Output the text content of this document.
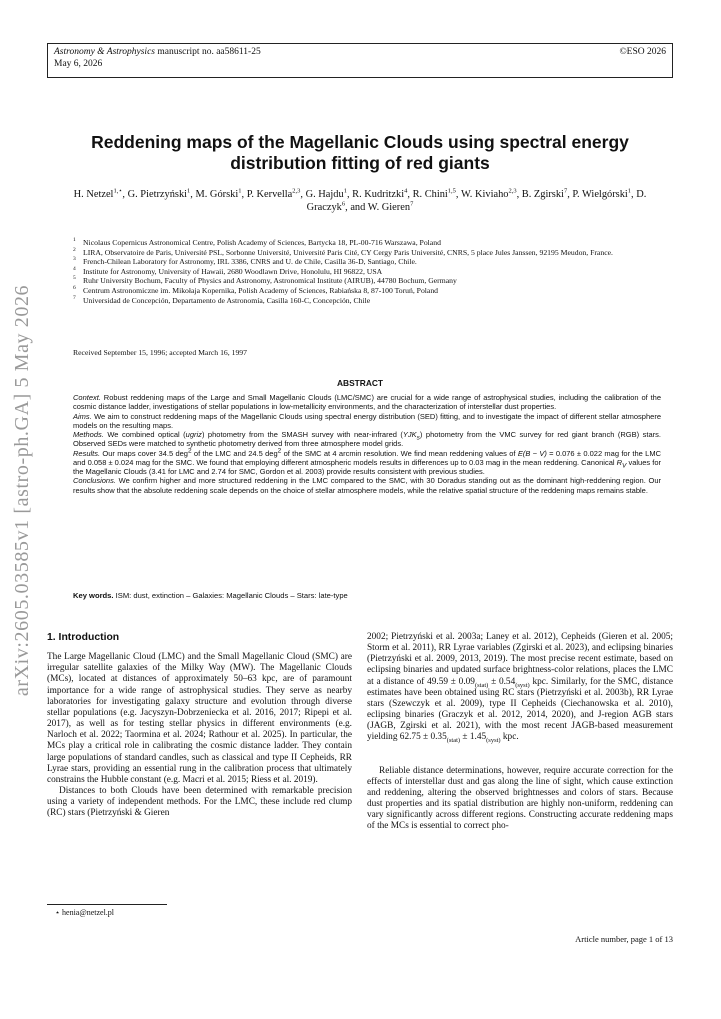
Astronomy & Astrophysics manuscript no. aa58611-25
May 6, 2026
©ESO 2026
arXiv:2605.03585v1 [astro-ph.GA] 5 May 2026
Reddening maps of the Magellanic Clouds using spectral energy distribution fitting of red giants
H. Netzel$^{1,⋆}$, G. Pietrzyński$^1$, M. Górski$^1$, P. Kervella$^{2,3}$, G. Hajdu$^1$, R. Kudritzki$^4$, R. Chini$^{1,5}$, W. Kiviaho$^{2,3}$, B. Zgirski$^7$, P. Wielgórski$^1$, D. Graczyk$^6$, and W. Gieren$^7$
1 Nicolaus Copernicus Astronomical Centre, Polish Academy of Sciences, Bartycka 18, PL-00-716 Warszawa, Poland
2 LIRA, Observatoire de Paris, Université PSL, Sorbonne Université, Université Paris Cité, CY Cergy Paris Université, CNRS, 5 place Jules Janssen, 92195 Meudon, France.
3 French-Chilean Laboratory for Astronomy, IRL 3386, CNRS and U. de Chile, Casilla 36-D, Santiago, Chile.
4 Institute for Astronomy, University of Hawaii, 2680 Woodlawn Drive, Honolulu, HI 96822, USA
5 Ruhr University Bochum, Faculty of Physics and Astronomy, Astronomical Institute (AIRUB), 44780 Bochum, Germany
6 Centrum Astronomiczne im. Mikołaja Kopernika, Polish Academy of Sciences, Rabiańska 8, 87-100 Toruń, Poland
7 Universidad de Concepción, Departamento de Astronomía, Casilla 160-C, Concepción, Chile
Received September 15, 1996; accepted March 16, 1997
ABSTRACT

Context. Robust reddening maps of the Large and Small Magellanic Clouds (LMC/SMC) are crucial for a wide range of astrophysical studies, including the calibration of the cosmic distance ladder, investigations of stellar populations in low-metallicity environments, and the characterization of interstellar dust properties.

Aims. We aim to construct reddening maps of the Magellanic Clouds using spectral energy distribution (SED) fitting, and to investigate the impact of different stellar atmosphere models on the resulting maps.

Methods. We combined optical (ugriz) photometry from the SMASH survey with near-infrared $(YJK_s)$ photometry from the VMC survey for red giant branch (RGB) stars. Observed SEDs were matched to synthetic photometry derived from three atmosphere model grids.

Results. Our maps cover 34.5 deg$^2$ of the LMC and 24.5 deg$^2$ of the SMC at 4 arcmin resolution. We find mean reddening values of E(B − V) = 0.076 ± 0.022 mag for the LMC and 0.058 ± 0.024 mag for the SMC. We found that employing different atmospheric models results in differences up to 0.03 mag in the mean reddening. Canonical $R_V$ values for the Magellanic Clouds (3.41 for LMC and 2.74 for SMC, Gordon et al. 2003) provide results consistent with previous studies.

Conclusions. We confirm higher and more structured reddening in the LMC compared to the SMC, with 30 Doradus standing out as the dominant high-reddening region. Our results show that the absolute reddening scale depends on the choice of stellar atmosphere models, while the relative spatial structure of the reddening maps remains stable.

Key words. ISM: dust, extinction – Galaxies: Magellanic Clouds – Stars: late-type

1. Introduction

The Large Magellanic Cloud (LMC) and the Small Magellanic Cloud (SMC) are irregular satellite galaxies of the Milky Way (MW). The Magellanic Clouds (MCs), located at distances of approximately 50–63 kpc, are of paramount importance for a wide range of astrophysical studies. They serve as nearby laboratories for investigating galaxy structure and evolution through diverse stellar populations (e.g. Jacyszyn-Dobrzeniecka et al. 2016, 2017; Ripepi et al. 2017), as well as for testing stellar physics in different environments (e.g. Narloch et al. 2022; Taormina et al. 2024; Rathour et al. 2025). In particular, the MCs play a critical role in calibrating the cosmic distance ladder. They contain large populations of standard candles, such as classical and type II Cepheids, RR Lyrae stars, providing an essential rung in the calibration process that ultimately constrains the Hubble constant (e.g. Macri et al. 2015; Riess et al. 2019).

Distances to both Clouds have been determined with remarkable precision using a variety of independent methods. For the LMC, these include red clump (RC) stars (Pietrzyński & Gieren

2002; Pietrzyński et al. 2003a; Laney et al. 2012), Cepheids (Gieren et al. 2005; Storm et al. 2011), RR Lyrae variables (Zgirski et al. 2023), and eclipsing binaries (Pietrzyński et al. 2009, 2013, 2019). The most precise recent estimate, based on eclipsing binaries and updated surface brightness-color relations, places the LMC at a distance of $49.59 \pm 0.09_{(stat)} \pm 0.54_{(syst)}$ kpc. Similarly, for the SMC, distance estimates have been obtained using RC stars (Pietrzyński et al. 2003b), RR Lyrae stars (Szewczyk et al. 2009), type II Cepheids (Ciechanowska et al. 2010), eclipsing binaries (Graczyk et al. 2012, 2014, 2020), and J-region AGB stars (JAGB, Zgirski et al. 2021), with the most recent JAGB-based measurement yielding $62.75 \pm 0.35_{(stat)} \pm 1.45_{(syst)}$ kpc.

Reliable distance determinations, however, require accurate correction for the effects of interstellar dust and gas along the line of sight, which cause extinction and reddening, altering the observed brightnesses and colors of stars. Because dust properties and its spatial distribution are highly non-uniform, reddening can vary significantly across different regions. Constructing accurate reddening maps of the MCs is essential to correct pho-

⋆ henia@netzel.pl
Article number, page 1 of 13
